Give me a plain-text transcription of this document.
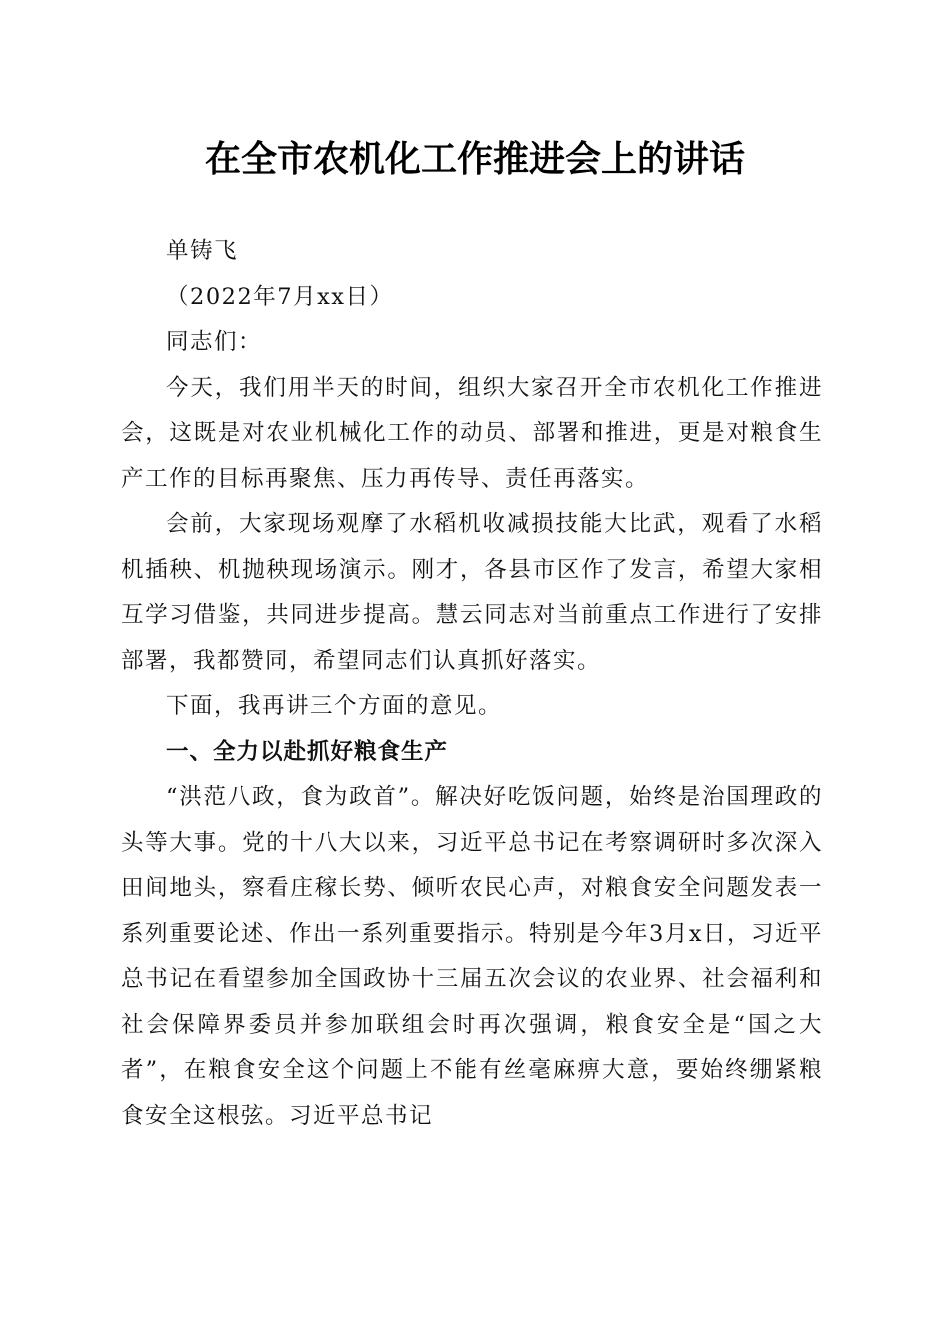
在全市农机化工作推进会上的讲话

单铸飞

（2022年7月xx日）

同志们：

今天，我们用半天的时间，组织大家召开全市农机化工作推进会，这既是对农业机械化工作的动员、部署和推进，更是对粮食生产工作的目标再聚焦、压力再传导、责任再落实。

会前，大家现场观摩了水稻机收减损技能大比武，观看了水稻机插秧、机抛秧现场演示。刚才，各县市区作了发言，希望大家相互学习借鉴，共同进步提高。慧云同志对当前重点工作进行了安排部署，我都赞同，希望同志们认真抓好落实。

下面，我再讲三个方面的意见。

一、全力以赴抓好粮食生产

“洪范八政，食为政首”。解决好吃饭问题，始终是治国理政的头等大事。党的十八大以来，习近平总书记在考察调研时多次深入田间地头，察看庄稼长势、倾听农民心声，对粮食安全问题发表一系列重要论述、作出一系列重要指示。特别是今年3月x日，习近平总书记在看望参加全国政协十三届五次会议的农业界、社会福利和社会保障界委员并参加联组会时再次强调，粮食安全是“国之大者”，在粮食安全这个问题上不能有丝毫麻痹大意，要始终绷紧粮食安全这根弦。习近平总书记
